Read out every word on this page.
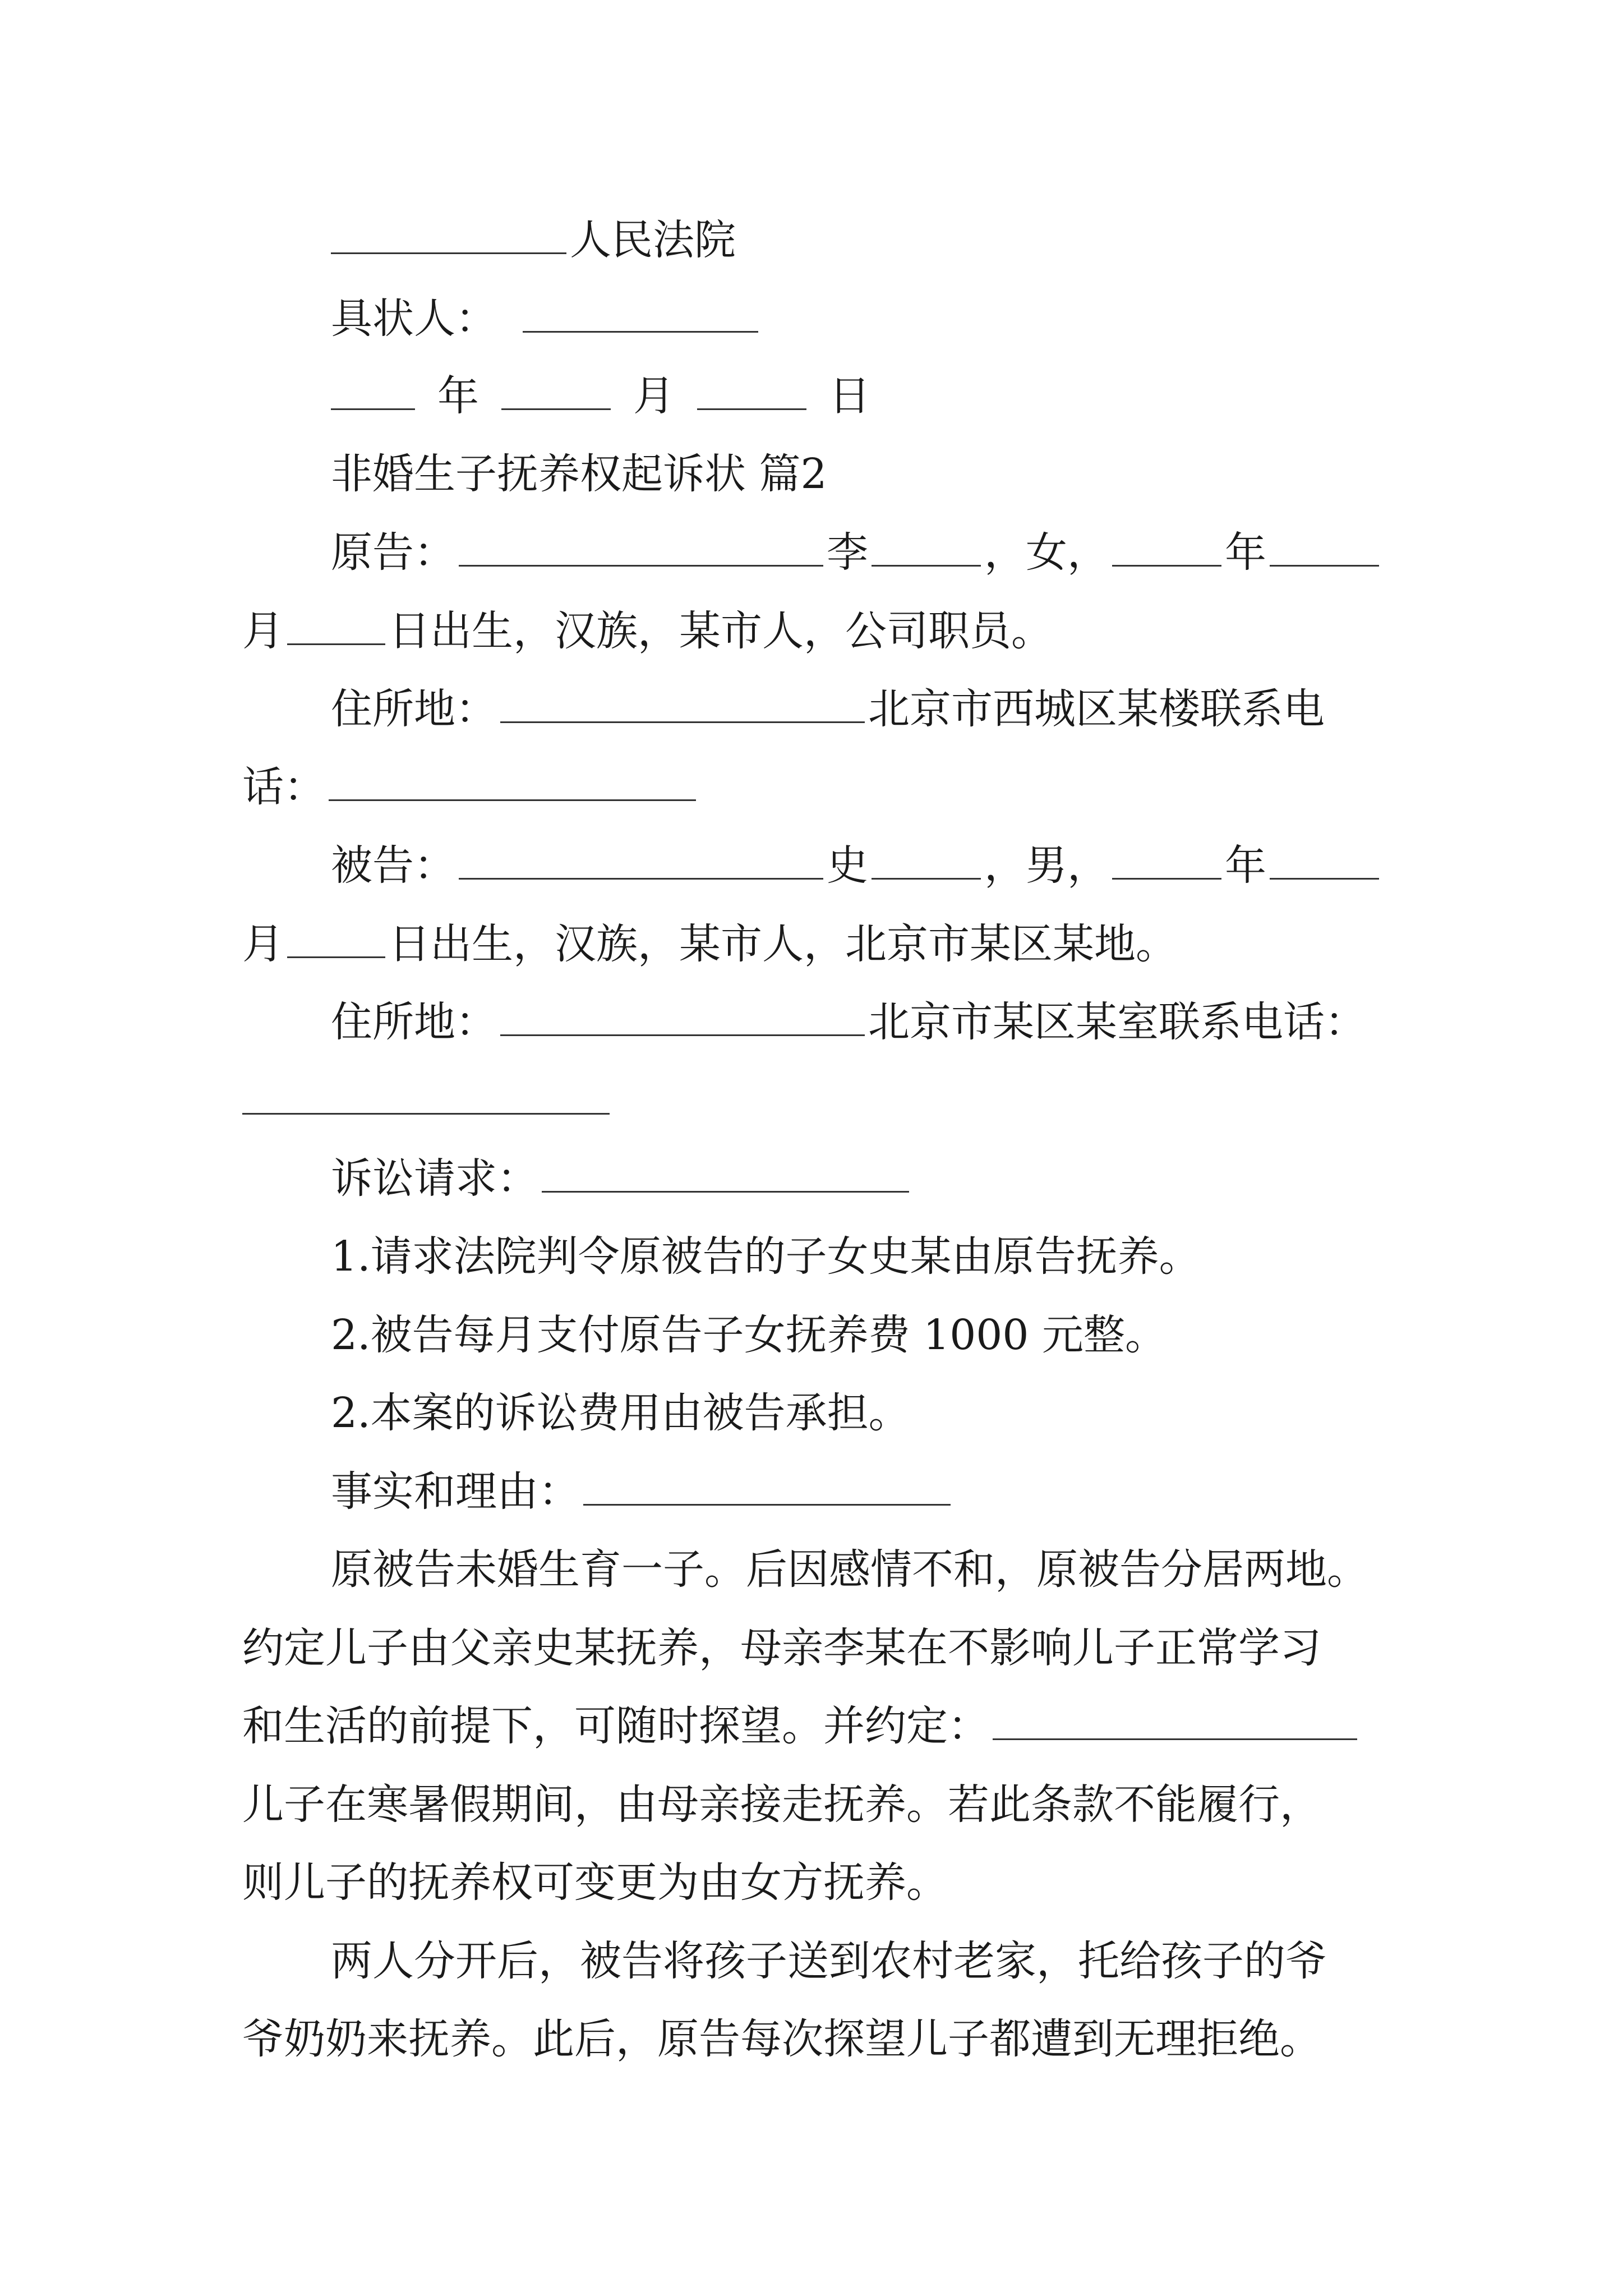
人民法院
具状人：
年	月	日
非婚生子抚养权起诉状 篇2
原告：	李	，女，	年
月	日出生，汉族，某市人，公司职员。
住所地：	北京市西城区某楼联系电
话：
被告：	史	，男，	年
月	日出生，汉族，某市人，北京市某区某地。
住所地：	北京市某区某室联系电话：
诉讼请求：
1.请求法院判令原被告的子女史某由原告抚养。
2.被告每月支付原告子女抚养费 1000 元整。
2.本案的诉讼费用由被告承担。
事实和理由：
原被告未婚生育一子。后因感情不和，原被告分居两地。
约定儿子由父亲史某抚养，母亲李某在不影响儿子正常学习
和生活的前提下，可随时探望。并约定：
儿子在寒暑假期间，由母亲接走抚养。若此条款不能履行，
则儿子的抚养权可变更为由女方抚养。
两人分开后，被告将孩子送到农村老家，托给孩子的爷
爷奶奶来抚养。此后，原告每次探望儿子都遭到无理拒绝。
